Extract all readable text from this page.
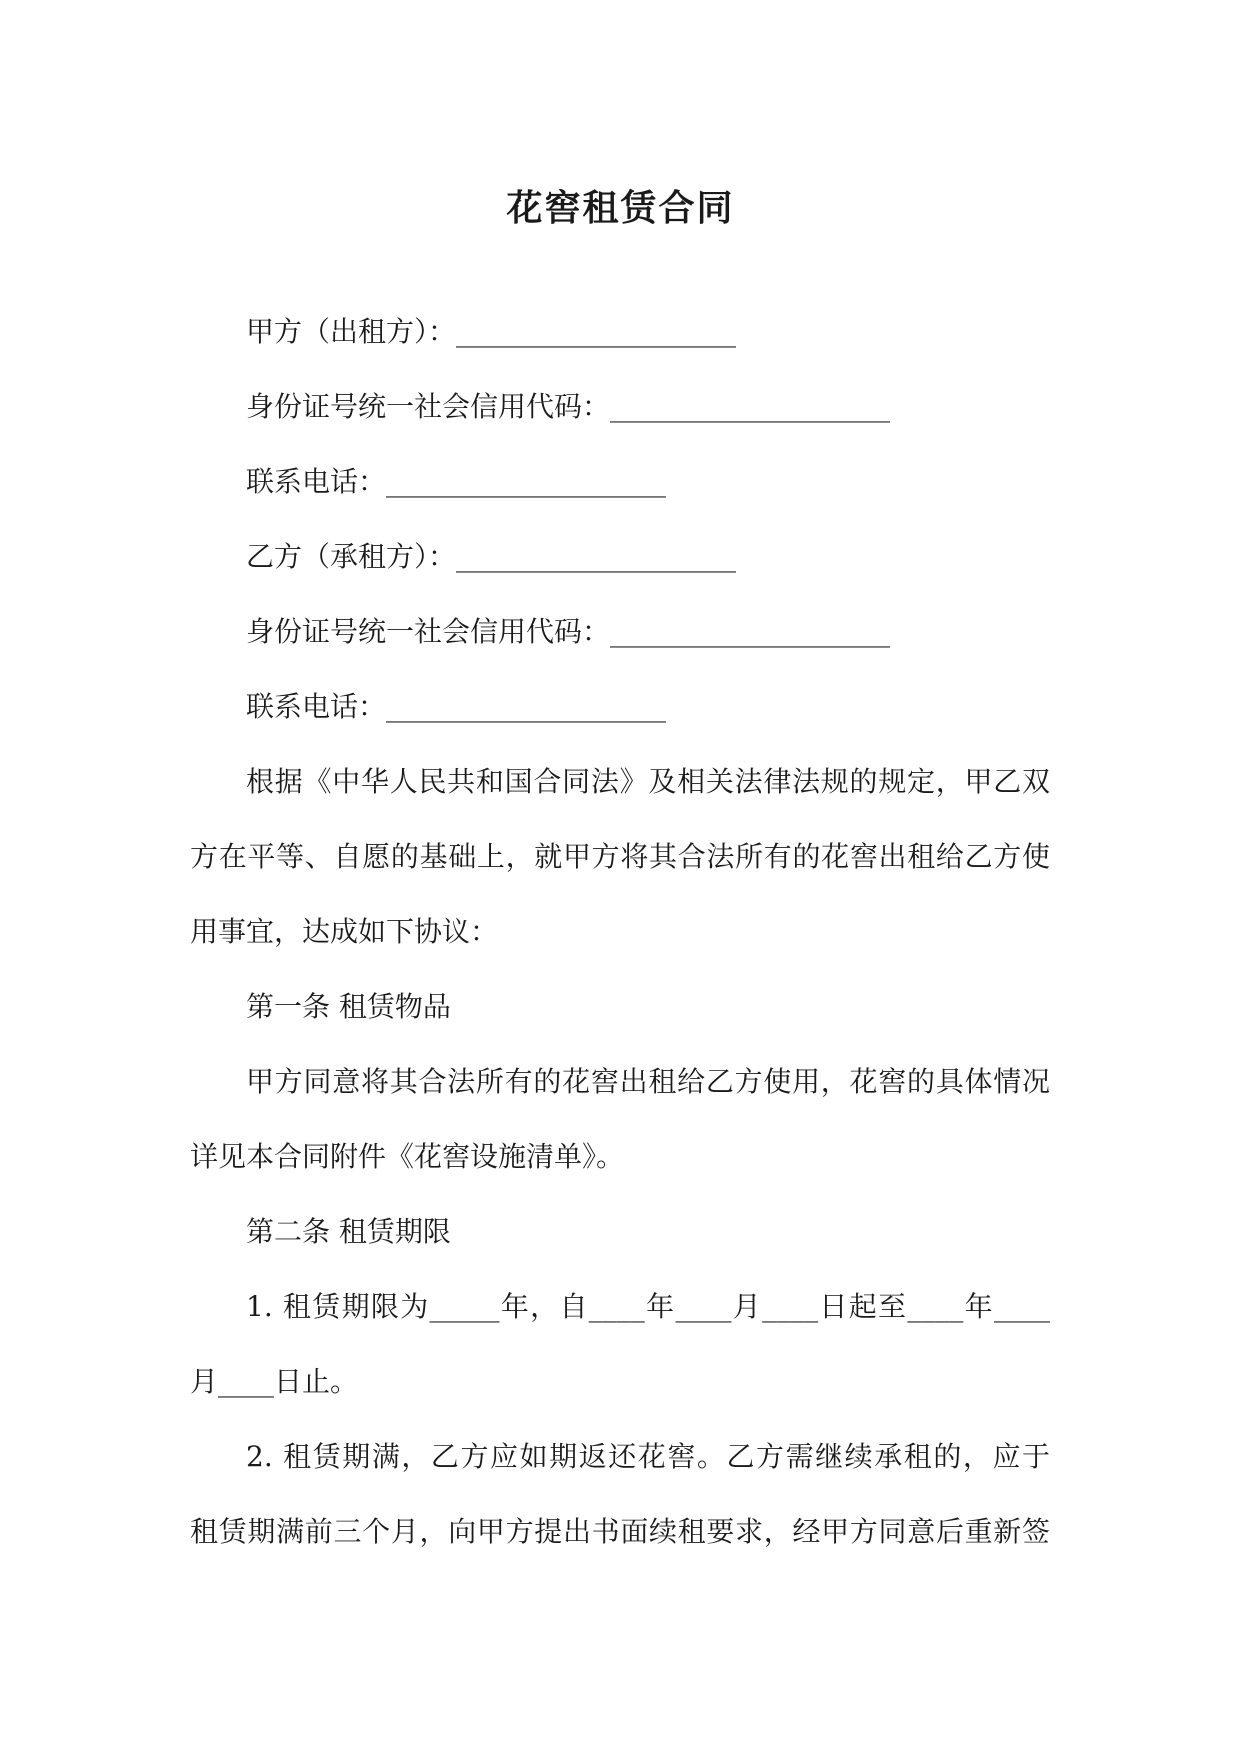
花窖租赁合同

甲方（出租方）：____________________

身份证号统一社会信用代码：____________________

联系电话：____________________

乙方（承租方）：____________________

身份证号统一社会信用代码：____________________

联系电话：____________________

根据《中华人民共和国合同法》及相关法律法规的规定，甲乙双

方在平等、自愿的基础上，就甲方将其合法所有的花窖出租给乙方使

用事宜，达成如下协议：

第一条 租赁物品

甲方同意将其合法所有的花窖出租给乙方使用，花窖的具体情况

详见本合同附件《花窖设施清单》。

第二条 租赁期限

1. 租赁期限为_____年，自____年____月____日起至____年____

月____日止。

2. 租赁期满，乙方应如期返还花窖。乙方需继续承租的，应于

租赁期满前三个月，向甲方提出书面续租要求，经甲方同意后重新签
